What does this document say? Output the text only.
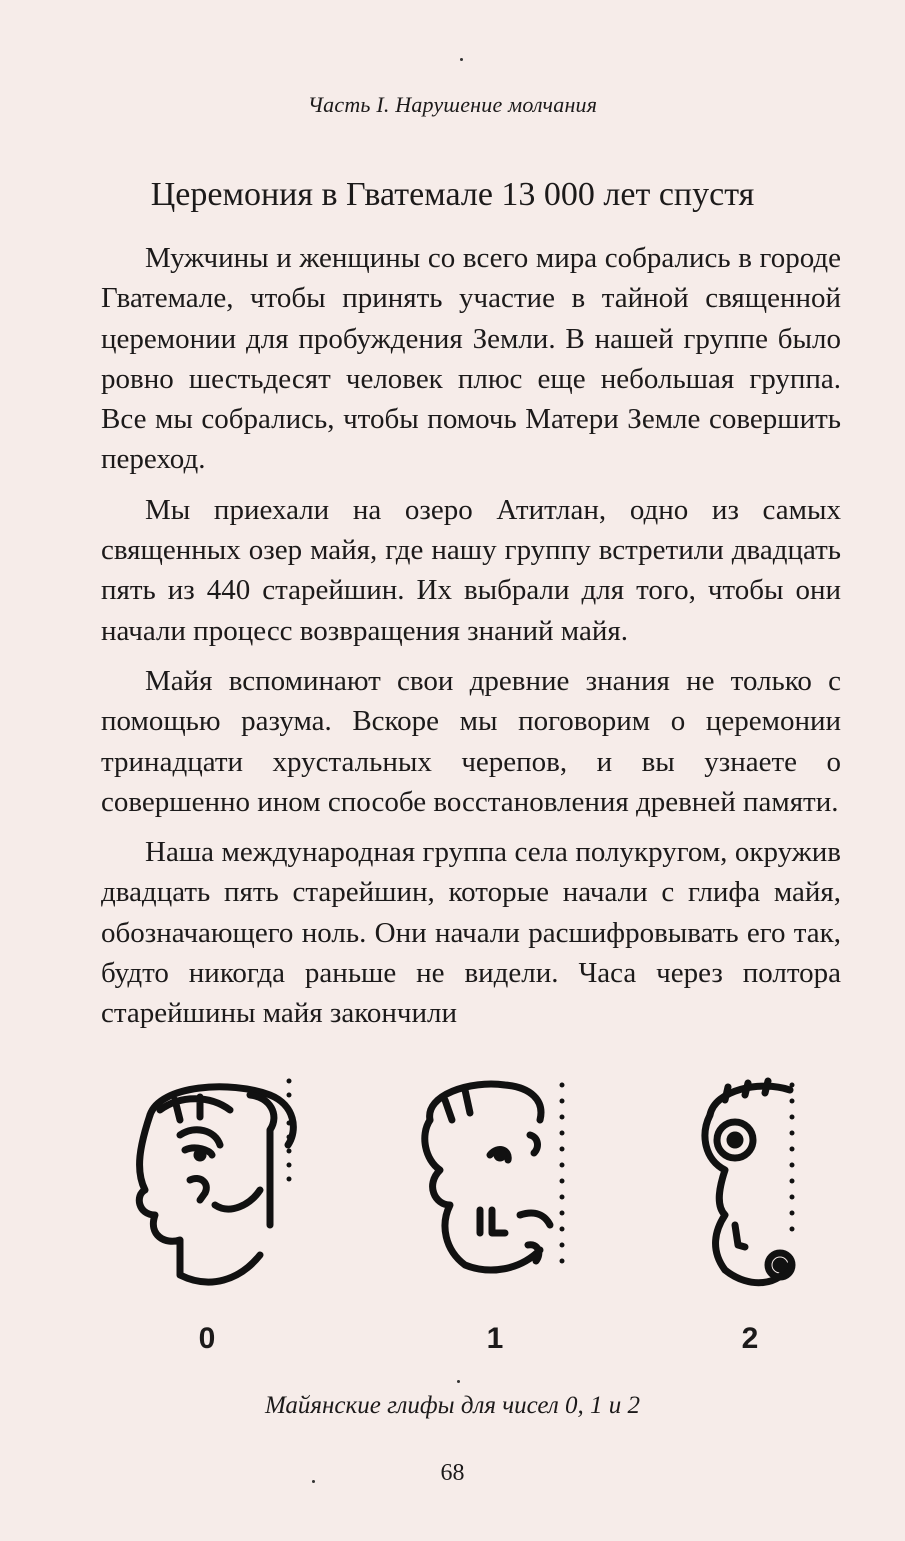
Часть I. Нарушение молчания
Церемония в Гватемале 13 000 лет спустя

Мужчины и женщины со всего мира собрались в городе Гватемале, чтобы принять участие в тайной священной церемонии для пробуждения Земли. В нашей группе было ровно шестьдесят человек плюс еще небольшая группа. Все мы собрались, чтобы помочь Матери Земле совершить переход.

Мы приехали на озеро Атитлан, одно из самых священных озер майя, где нашу группу встретили двадцать пять из 440 старейшин. Их выбрали для того, чтобы они начали процесс возвращения знаний майя.

Майя вспоминают свои древние знания не только с помощью разума. Вскоре мы поговорим о церемонии тринадцати хрустальных черепов, и вы узнаете о совершенно ином способе восстановления древней памяти.

Наша международная группа села полукругом, окружив двадцать пять старейшин, которые начали с глифа майя, обозначающего ноль. Они начали расшифровывать его так, будто никогда раньше не видели. Часа через полтора старейшины майя закончили

0	1	2
Майянские глифы для чисел 0, 1 и 2
68
